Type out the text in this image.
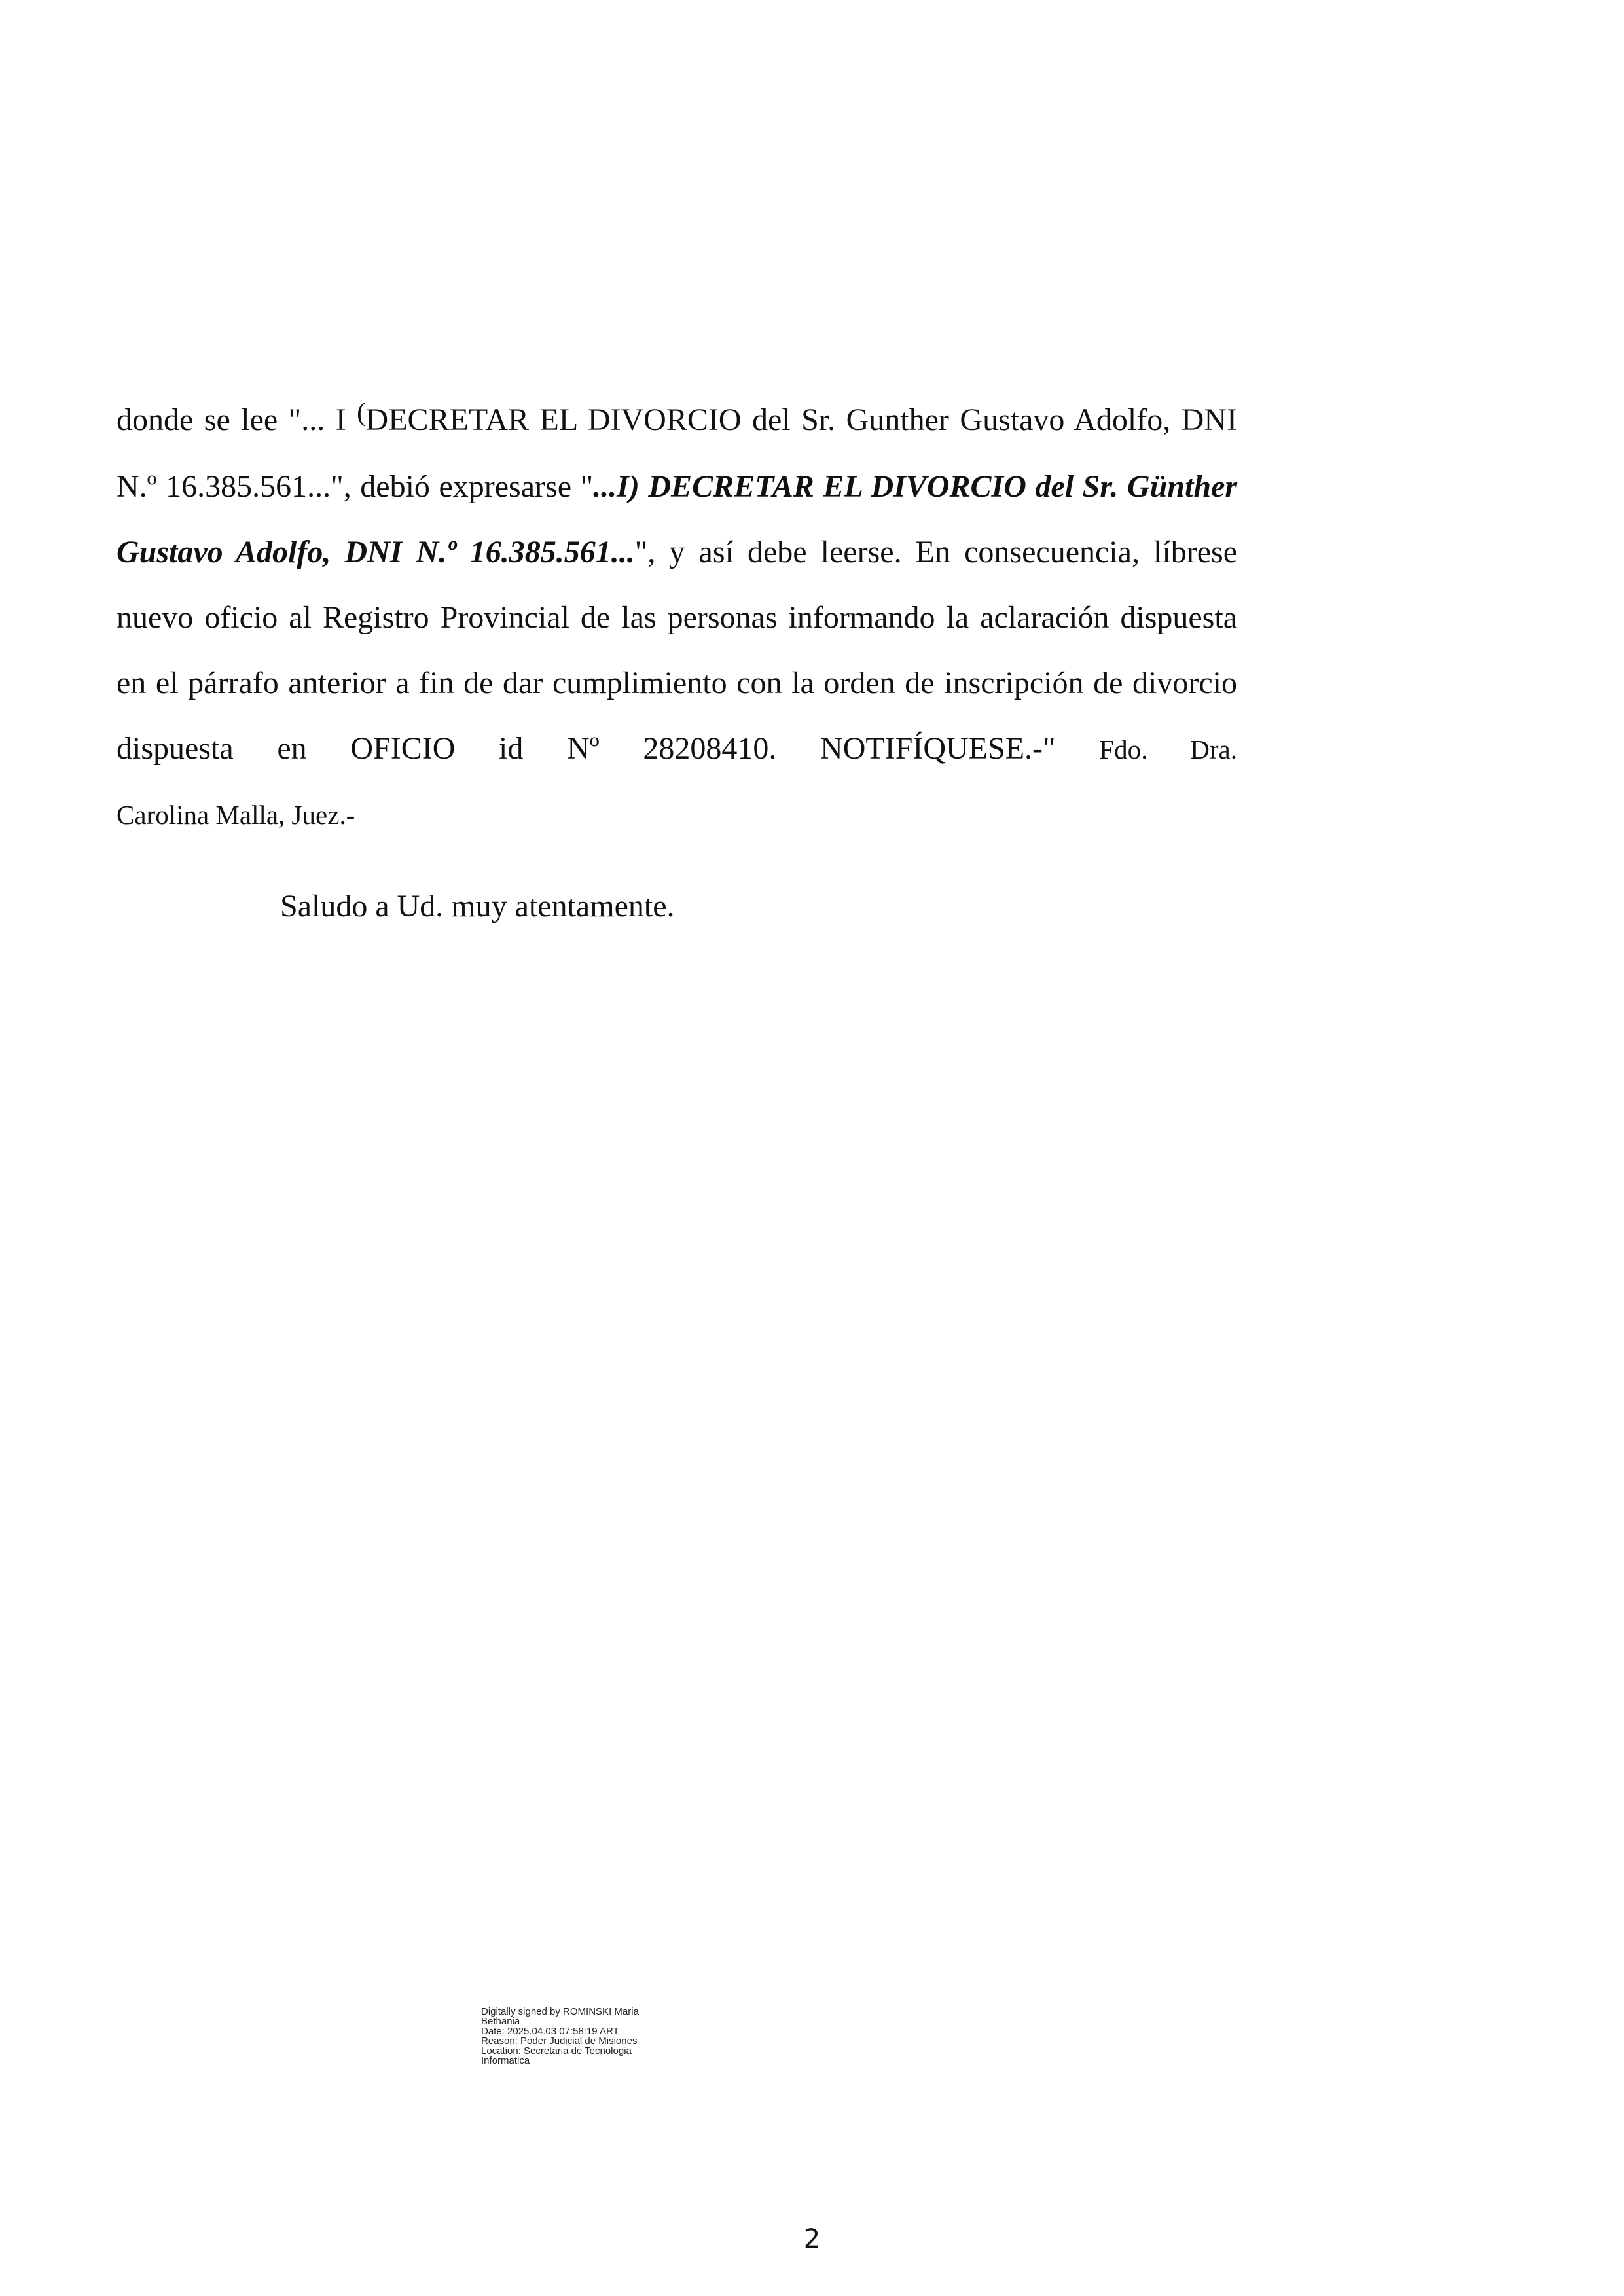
donde se lee "... I (DECRETAR EL DIVORCIO del Sr. Gunther Gustavo Adolfo, DNI N.º 16.385.561...", debió expresarse "...I) DECRETAR EL DIVORCIO del Sr. Günther Gustavo Adolfo, DNI N.º 16.385.561...", y así debe leerse. En consecuencia, líbrese nuevo oficio al Registro Provincial de las personas informando la aclaración dispuesta en el párrafo anterior a fin de dar cumplimiento con la orden de inscripción de divorcio dispuesta en OFICIO id Nº 28208410. NOTIFÍQUESE.-" Fdo. Dra.
Carolina Malla, Juez.-
Saludo a Ud. muy atentamente.
Digitally signed by ROMINSKI Maria
Bethania
Date: 2025.04.03 07:58:19 ART
Reason: Poder Judicial de Misiones
Location: Secretaria de Tecnologia
Informatica
2
